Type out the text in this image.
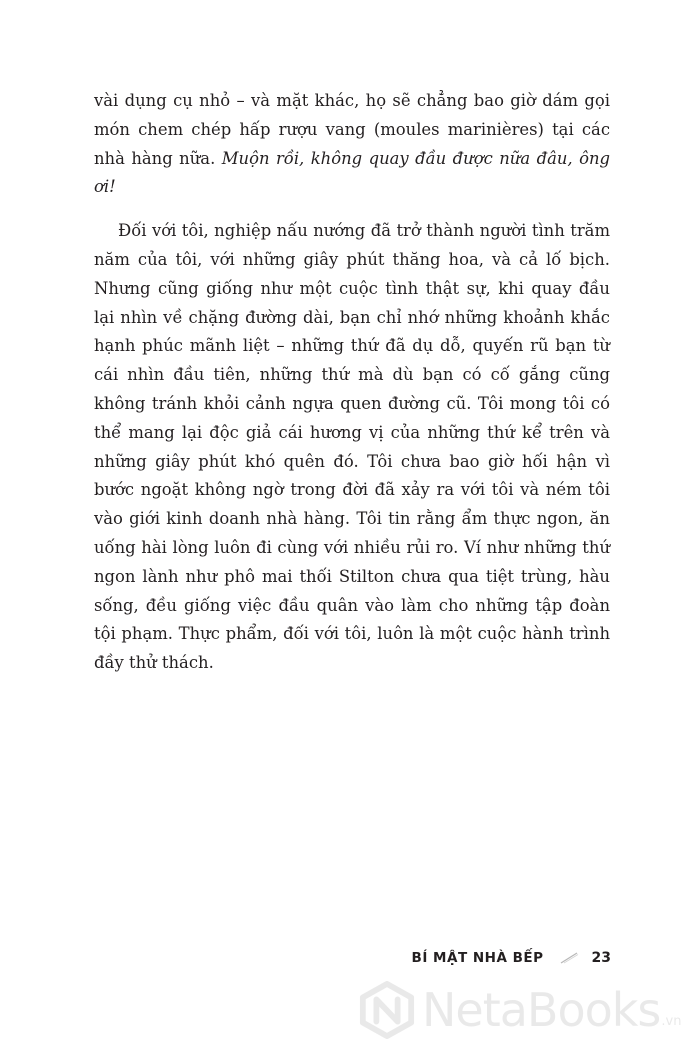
vài dụng cụ nhỏ – và mặt khác, họ sẽ chẳng bao giờ dám gọi món chem chép hấp rượu vang (moules marinières) tại các nhà hàng nữa. Muộn rồi, không quay đầu được nữa đâu, ông ơi!

Đối với tôi, nghiệp nấu nướng đã trở thành người tình trăm năm của tôi, với những giây phút thăng hoa, và cả lố bịch. Nhưng cũng giống như một cuộc tình thật sự, khi quay đầu lại nhìn về chặng đường dài, bạn chỉ nhớ những khoảnh khắc hạnh phúc mãnh liệt – những thứ đã dụ dỗ, quyến rũ bạn từ cái nhìn đầu tiên, những thứ mà dù bạn có cố gắng cũng không tránh khỏi cảnh ngựa quen đường cũ. Tôi mong tôi có thể mang lại độc giả cái hương vị của những thứ kể trên và những giây phút khó quên đó. Tôi chưa bao giờ hối hận vì bước ngoặt không ngờ trong đời đã xảy ra với tôi và ném tôi vào giới kinh doanh nhà hàng. Tôi tin rằng ẩm thực ngon, ăn uống hài lòng luôn đi cùng với nhiều rủi ro. Ví như những thứ ngon lành như phô mai thối Stilton chưa qua tiệt trùng, hàu sống, đều giống việc đầu quân vào làm cho những tập đoàn tội phạm. Thực phẩm, đối với tôi, luôn là một cuộc hành trình đầy thử thách.

BÍ MẬT NHÀ BẾP	23
NetaBooks .vn
